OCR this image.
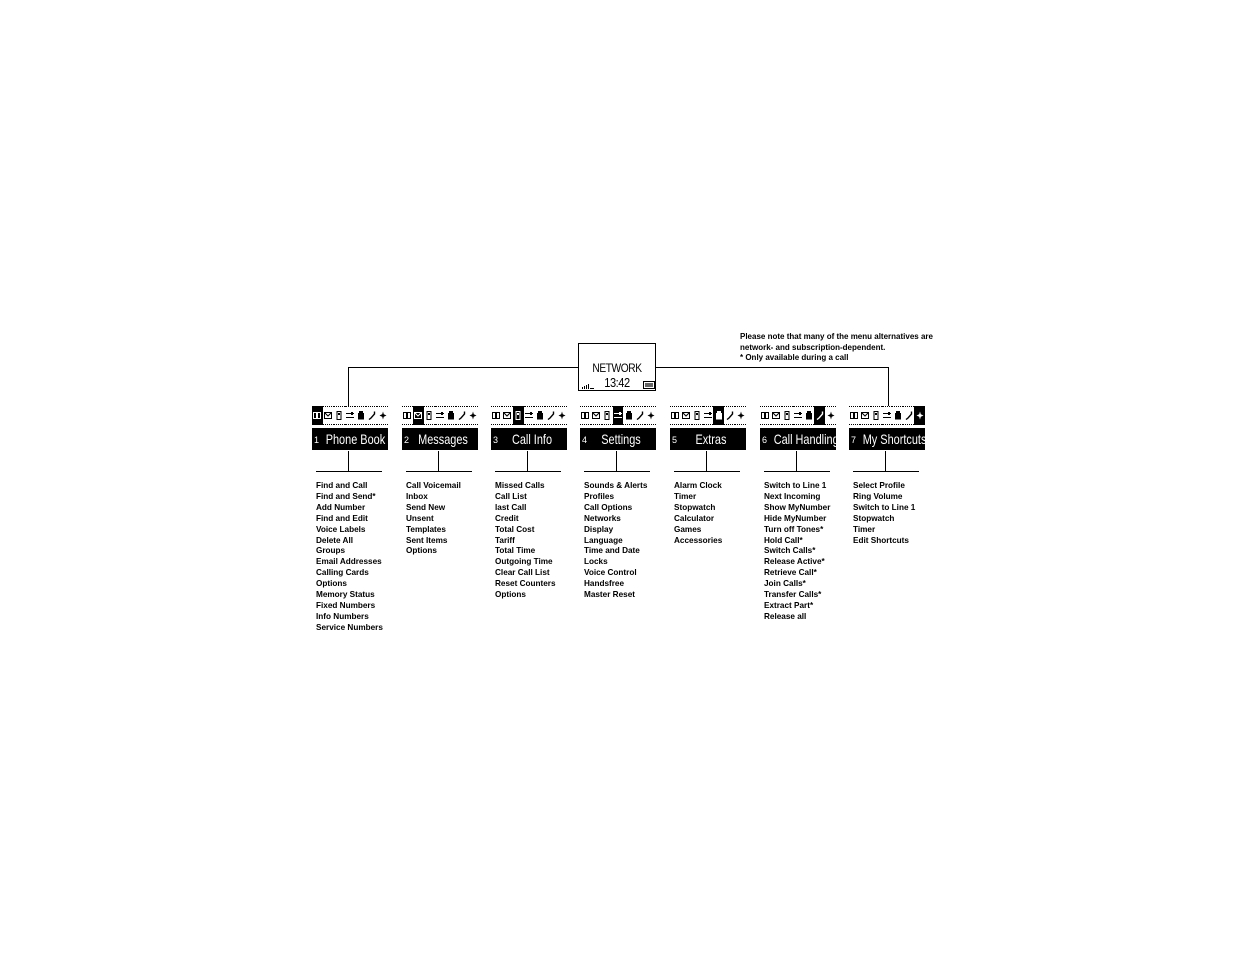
Please note that many of the menu alternatives are
network- and subscription-dependent.
* Only available during a call
NETWORK
13:42
1 Phone Book
Find and Call
Find and Send*
Add Number
Find and Edit
Voice Labels
Delete All
Groups
Email Addresses
Calling Cards
Options
Memory Status
Fixed Numbers
Info Numbers
Service Numbers
2 Messages
Call Voicemail
Inbox
Send New
Unsent
Templates
Sent Items
Options
3 Call Info
Missed Calls
Call List
last Call
Credit
Total Cost
Tariff
Total Time
Outgoing Time
Clear Call List
Reset Counters
Options
4	Settings
Sounds & Alerts
Profiles
Call Options
Networks
Display
Language
Time and Date
Locks
Voice Control
Handsfree
Master Reset
5	Extras
Alarm Clock
Timer
Stopwatch
Calculator
Games
Accessories
6 Call Handling
Switch to Line 1
Next Incoming
Show MyNumber
Hide MyNumber
Turn off Tones*
Hold Call*
Switch Calls*
Release Active*
Retrieve Call*
Join Calls*
Transfer Calls*
Extract Part*
Release all
7 My Shortcuts
Select Profile
Ring Volume
Switch to Line 1
Stopwatch
Timer
Edit Shortcuts
